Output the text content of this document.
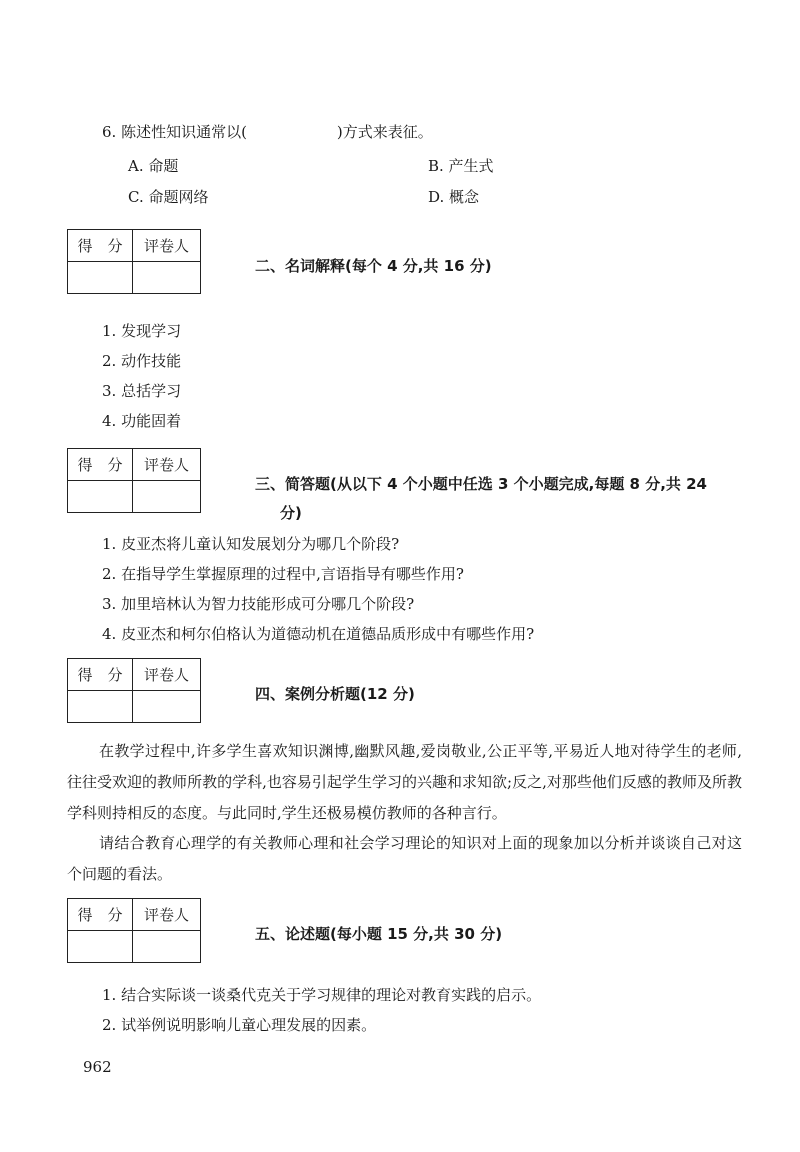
6. 陈述性知识通常以(　　　　　　)方式来表征。
A. 命题	B. 产生式
C. 命题网络	D. 概念
得　分	评卷人

二、名词解释(每个 4 分,共 16 分)
1. 发现学习
2. 动作技能
3. 总括学习
4. 功能固着
得　分	评卷人

三、简答题(从以下 4 个小题中任选 3 个小题完成,每题 8 分,共 24
分)
1. 皮亚杰将儿童认知发展划分为哪几个阶段?
2. 在指导学生掌握原理的过程中,言语指导有哪些作用?
3. 加里培林认为智力技能形成可分哪几个阶段?
4. 皮亚杰和柯尔伯格认为道德动机在道德品质形成中有哪些作用?
得　分	评卷人

四、案例分析题(12 分)
在教学过程中,许多学生喜欢知识渊博,幽默风趣,爱岗敬业,公正平等,平易近人地对待学生的老师,往往受欢迎的教师所教的学科,也容易引起学生学习的兴趣和求知欲;反之,对那些他们反感的教师及所教学科则持相反的态度。与此同时,学生还极易模仿教师的各种言行。
请结合教育心理学的有关教师心理和社会学习理论的知识对上面的现象加以分析并谈谈自己对这个问题的看法。
得　分	评卷人

五、论述题(每小题 15 分,共 30 分)
1. 结合实际谈一谈桑代克关于学习规律的理论对教育实践的启示。
2. 试举例说明影响儿童心理发展的因素。
962
